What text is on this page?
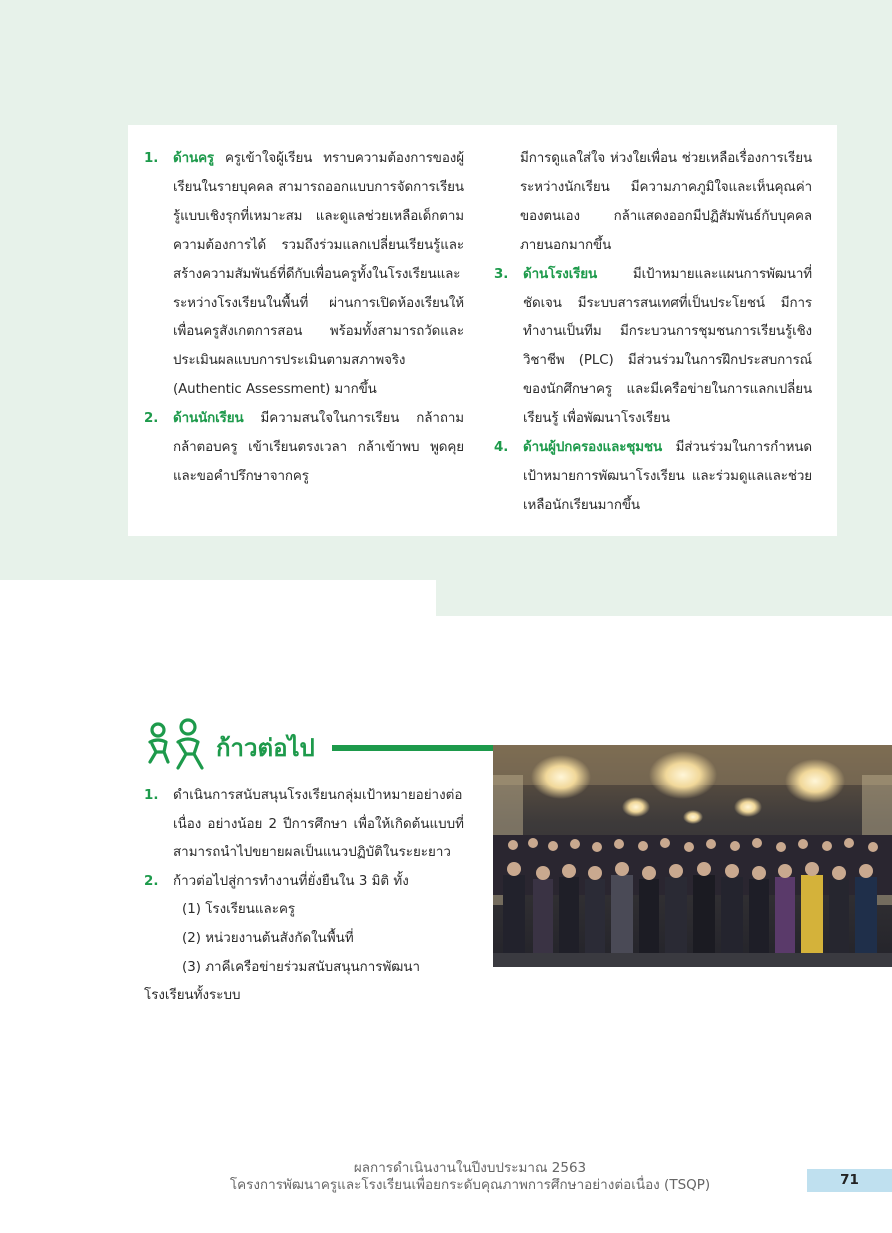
1.	ด้านครู ครูเข้าใจผู้เรียน ทราบความต้องการของผู้เรียนในรายบุคคล สามารถออกแบบการจัดการเรียนรู้แบบเชิงรุกที่เหมาะสม และดูแลช่วยเหลือเด็กตามความต้องการได้ รวมถึงร่วมแลกเปลี่ยนเรียนรู้และสร้างความสัมพันธ์ที่ดีกับเพื่อนครูทั้งในโรงเรียนและระหว่างโรงเรียนในพื้นที่ ผ่านการเปิดห้องเรียนให้เพื่อนครูสังเกตการสอน พร้อมทั้งสามารถวัดและประเมินผลแบบการประเมินตามสภาพจริง (Authentic Assessment) มากขึ้น
2.	ด้านนักเรียน มีความสนใจในการเรียน กล้าถาม กล้าตอบครู เข้าเรียนตรงเวลา กล้าเข้าพบ พูดคุย และขอคำปรึกษาจากครู
มีการดูแลใส่ใจ ห่วงใยเพื่อน ช่วยเหลือเรื่องการเรียนระหว่างนักเรียน มีความภาคภูมิใจและเห็นคุณค่าของตนเอง กล้าแสดงออกมีปฏิสัมพันธ์กับบุคคลภายนอกมากขึ้น
3.	ด้านโรงเรียน	มีเป้าหมายและแผนการพัฒนาที่ชัดเจน มีระบบสารสนเทศที่เป็นประโยชน์ มีการทำงานเป็นทีม มีกระบวนการชุมชนการเรียนรู้เชิงวิชาชีพ (PLC) มีส่วนร่วมในการฝึกประสบการณ์ของนักศึกษาครู และมีเครือข่ายในการแลกเปลี่ยนเรียนรู้ เพื่อพัฒนาโรงเรียน
4.	ด้านผู้ปกครองและชุมชน มีส่วนร่วมในการกำหนดเป้าหมายการพัฒนาโรงเรียน และร่วมดูแลและช่วยเหลือนักเรียนมากขึ้น
ก้าวต่อไป
1.	ดำเนินการสนับสนุนโรงเรียนกลุ่มเป้าหมายอย่างต่อเนื่อง อย่างน้อย 2 ปีการศึกษา เพื่อให้เกิดต้นแบบที่สามารถนำไปขยายผลเป็นแนวปฏิบัติในระยะยาว
2.	ก้าวต่อไปสู่การทำงานที่ยั่งยืนใน 3 มิติ ทั้ง
(1) โรงเรียนและครู
(2) หน่วยงานต้นสังกัดในพื้นที่
(3) ภาคีเครือข่ายร่วมสนับสนุนการพัฒนาโรงเรียนทั้งระบบ
ผลการดำเนินงานในปีงบประมาณ 2563
โครงการพัฒนาครูและโรงเรียนเพื่อยกระดับคุณภาพการศึกษาอย่างต่อเนื่อง (TSQP)	71
